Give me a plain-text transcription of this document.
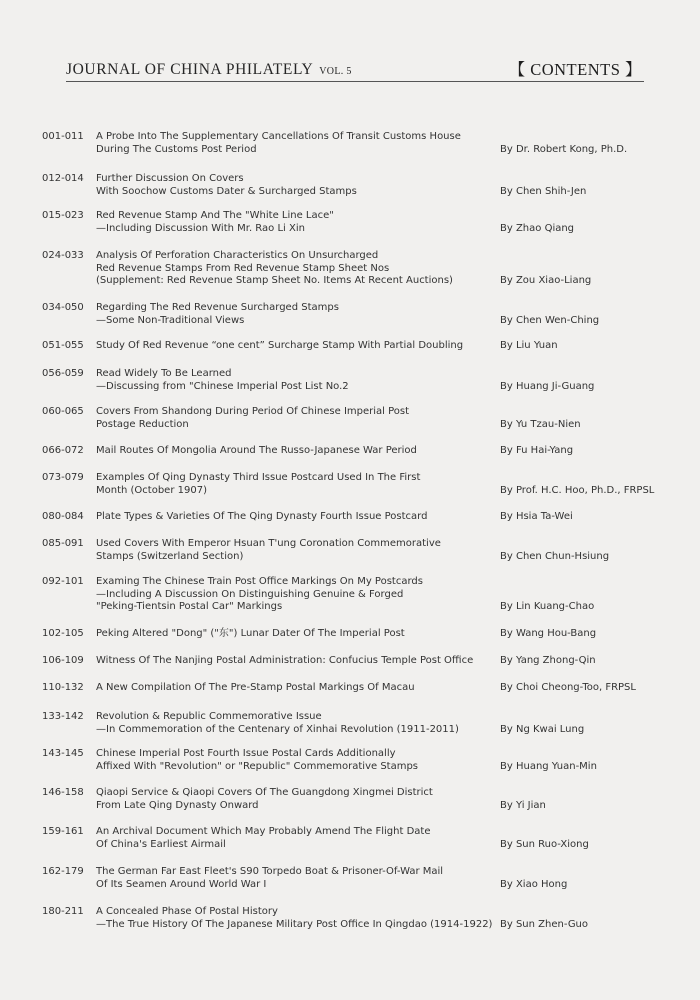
JOURNAL OF CHINA PHILATELY VOL. 5	【 CONTENTS 】
001-011 A Probe Into The Supplementary Cancellations Of Transit Customs House
During The Customs Post Period	By Dr. Robert Kong, Ph.D.
012-014 Further Discussion On Covers
With Soochow Customs Dater & Surcharged Stamps	By Chen Shih-Jen
015-023 Red Revenue Stamp And The "White Line Lace"
—Including Discussion With Mr. Rao Li Xin	By Zhao Qiang
024-033 Analysis Of Perforation Characteristics On Unsurcharged
Red Revenue Stamps From Red Revenue Stamp Sheet Nos
(Supplement: Red Revenue Stamp Sheet No. Items At Recent Auctions)	By Zou Xiao-Liang
034-050 Regarding The Red Revenue Surcharged Stamps
—Some Non-Traditional Views	By Chen Wen-Ching
051-055 Study Of Red Revenue “one cent” Surcharge Stamp With Partial Doubling	By Liu Yuan
056-059 Read Widely To Be Learned
—Discussing from "Chinese Imperial Post List No.2	By Huang Ji-Guang
060-065 Covers From Shandong During Period Of Chinese Imperial Post
Postage Reduction	By Yu Tzau-Nien
066-072 Mail Routes Of Mongolia Around The Russo-Japanese War Period	By Fu Hai-Yang
073-079 Examples Of Qing Dynasty Third Issue Postcard Used In The First
Month (October 1907)	By Prof. H.C. Hoo, Ph.D., FRPSL
080-084 Plate Types & Varieties Of The Qing Dynasty Fourth Issue Postcard	By Hsia Ta-Wei
085-091 Used Covers With Emperor Hsuan T'ung Coronation Commemorative
Stamps (Switzerland Section)	By Chen Chun-Hsiung
092-101 Examing The Chinese Train Post Office Markings On My Postcards
—Including A Discussion On Distinguishing Genuine & Forged
"Peking-Tientsin Postal Car" Markings	By Lin Kuang-Chao
102-105 Peking Altered "Dong" ("东") Lunar Dater Of The Imperial Post	By Wang Hou-Bang
106-109 Witness Of The Nanjing Postal Administration: Confucius Temple Post Office	By Yang Zhong-Qin
110-132 A New Compilation Of The Pre-Stamp Postal Markings Of Macau	By Choi Cheong-Too, FRPSL
133-142 Revolution & Republic Commemorative Issue
—In Commemoration of the Centenary of Xinhai Revolution (1911-2011)	By Ng Kwai Lung
143-145 Chinese Imperial Post Fourth Issue Postal Cards Additionally
Affixed With "Revolution" or "Republic" Commemorative Stamps	By Huang Yuan-Min
146-158 Qiaopi Service & Qiaopi Covers Of The Guangdong Xingmei District
From Late Qing Dynasty Onward	By Yi Jian
159-161 An Archival Document Which May Probably Amend The Flight Date
Of China's Earliest Airmail	By Sun Ruo-Xiong
162-179 The German Far East Fleet's S90 Torpedo Boat & Prisoner-Of-War Mail
Of Its Seamen Around World War I	By Xiao Hong
180-211 A Concealed Phase Of Postal History
—The True History Of The Japanese Military Post Office In Qingdao (1914-1922) By Sun Zhen-Guo
